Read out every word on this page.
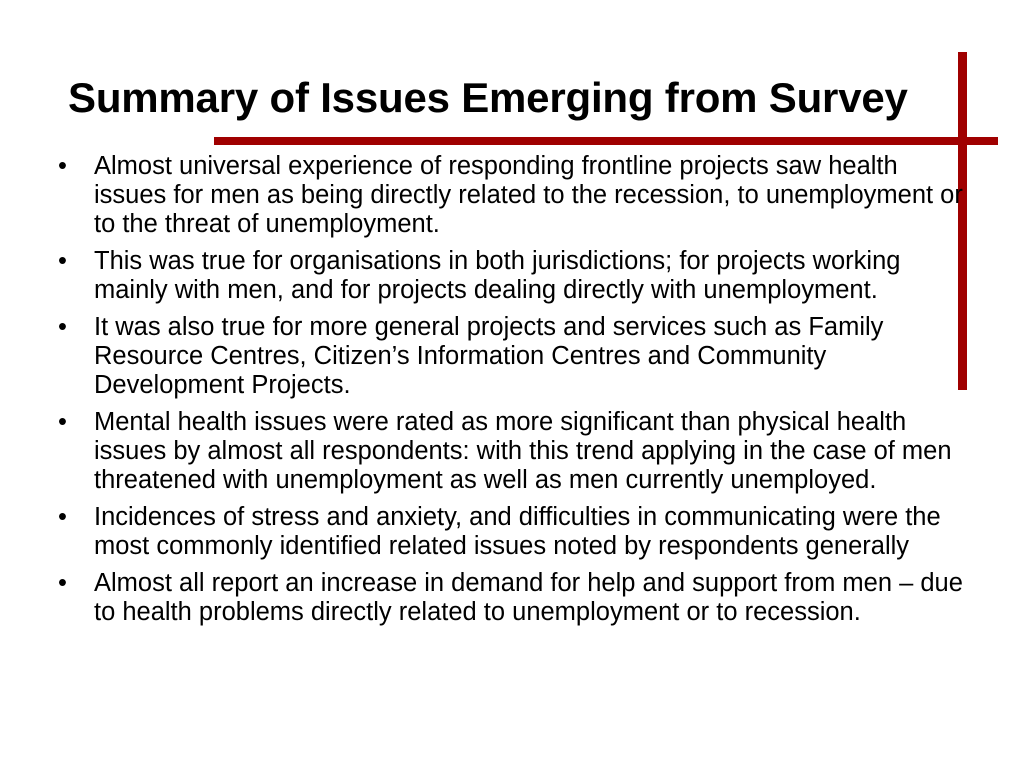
Summary of Issues Emerging from Survey
• Almost universal experience of responding frontline projects saw health issues for men as being directly related to the recession, to unemployment or to the threat of unemployment.
• This was true for organisations in both jurisdictions; for projects working mainly with men, and for projects dealing directly with unemployment.
• It was also true for more general projects and services such as Family Resource Centres, Citizen’s Information Centres and Community Development Projects.
• Mental health issues were rated as more significant than physical health issues by almost all respondents: with this trend applying in the case of men threatened with unemployment as well as men currently unemployed.
• Incidences of stress and anxiety, and difficulties in communicating were the most commonly identified related issues noted by respondents generally
• Almost all report an increase in demand for help and support from men – due to health problems directly related to unemployment or to recession.
